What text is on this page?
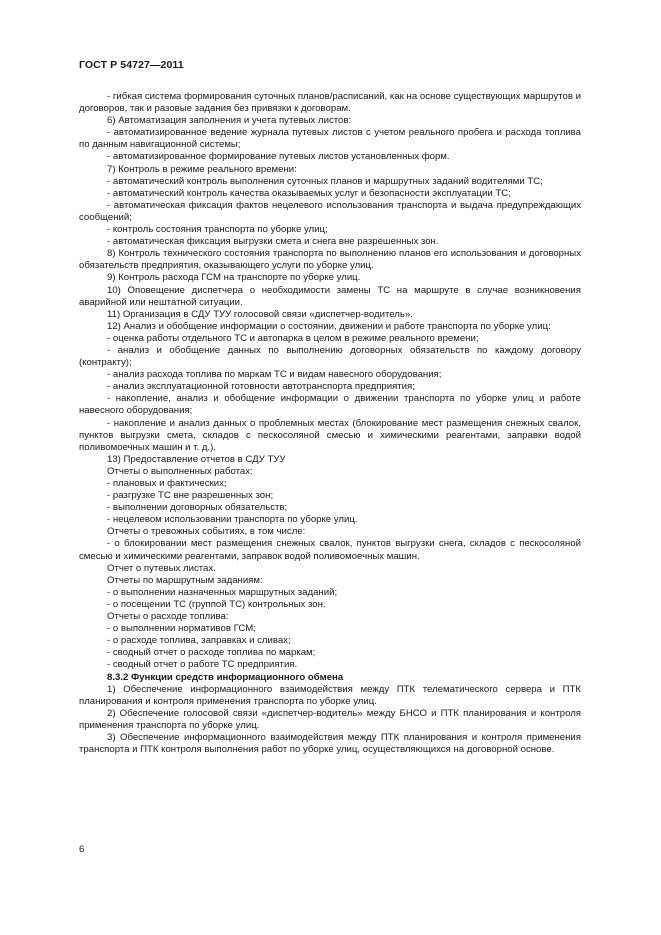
ГОСТ Р 54727—2011

- гибкая система формирования суточных планов/расписаний, как на основе существующих маршрутов и договоров, так и разовые задания без привязки к договорам.

6) Автоматизация заполнения и учета путевых листов:

- автоматизированное ведение журнала путевых листов с учетом реального пробега и расхода топлива по данным навигационной системы;

- автоматизированное формирование путевых листов установленных форм.

7) Контроль в режиме реального времени:

- автоматический контроль выполнения суточных планов и маршрутных заданий водителями ТС;

- автоматический контроль качества оказываемых услуг и безопасности эксплуатации ТС;

- автоматическая фиксация фактов нецелевого использования транспорта и выдача предупреждающих сообщений;

- контроль состояния транспорта по уборке улиц;

- автоматическая фиксация выгрузки смета и снега вне разрешенных зон.

8) Контроль технического состояния транспорта по выполнению планов его использования и договорных обязательств предприятия, оказывающего услуги по уборке улиц.

9) Контроль расхода ГСМ на транспорте по уборке улиц.

10) Оповещение диспетчера о необходимости замены ТС на маршруте в случае возникновения аварийной или нештатной ситуации.

11) Организация в СДУ ТУУ голосовой связи «диспетчер-водитель».

12) Анализ и обобщение информации о состоянии, движении и работе транспорта по уборке улиц:

- оценка работы отдельного ТС и автопарка в целом в режиме реального времени;

- анализ и обобщение данных по выполнению договорных обязательств по каждому договору (контракту);

- анализ расхода топлива по маркам ТС и видам навесного оборудования;

- анализ эксплуатационной готовности автотранспорта предприятия;

- накопление, анализ и обобщение информации о движении транспорта по уборке улиц и работе навесного оборудования;

- накопление и анализ данных о проблемных местах (блокирование мест размещения снежных свалок, пунктов выгрузки смета, складов с пескосоляной смесью и химическими реагентами, заправки водой поливомоечных машин и т. д.).

13) Предоставление отчетов в СДУ ТУУ

Отчеты о выполненных работах:

- плановых и фактических;

- разгрузке ТС вне разрешенных зон;

- выполнении договорных обязательств;

- нецелевом использовании транспорта по уборке улиц.

Отчеты о тревожных событиях, в том числе:

- о блокировании мест размещения снежных свалок, пунктов выгрузки снега, складов с пескосоляной смесью и химическими реагентами, заправок водой поливомоечных машин.

Отчет о путевых листах.

Отчеты по маршрутным заданиям:

- о выполнении назначенных маршрутных заданий;

- о посещении ТС (группой ТС) контрольных зон.

Отчеты о расходе топлива:

- о выполнении нормативов ГСМ;

- о расходе топлива, заправках и сливах;

- сводный отчет о расходе топлива по маркам;

- сводный отчет о работе ТС предприятия.

8.3.2 Функции средств информационного обмена

1) Обеспечение информационного взаимодействия между ПТК телематического сервера и ПТК планирования и контроля применения транспорта по уборке улиц.

2) Обеспечение голосовой связи «диспетчер-водитель» между БНСО и ПТК планирования и контроля применения транспорта по уборке улиц.

3) Обеспечение информационного взаимодействия между ПТК планирования и контроля применения транспорта и ПТК контроля выполнения работ по уборке улиц, осуществляющихся на договорной основе.

6
